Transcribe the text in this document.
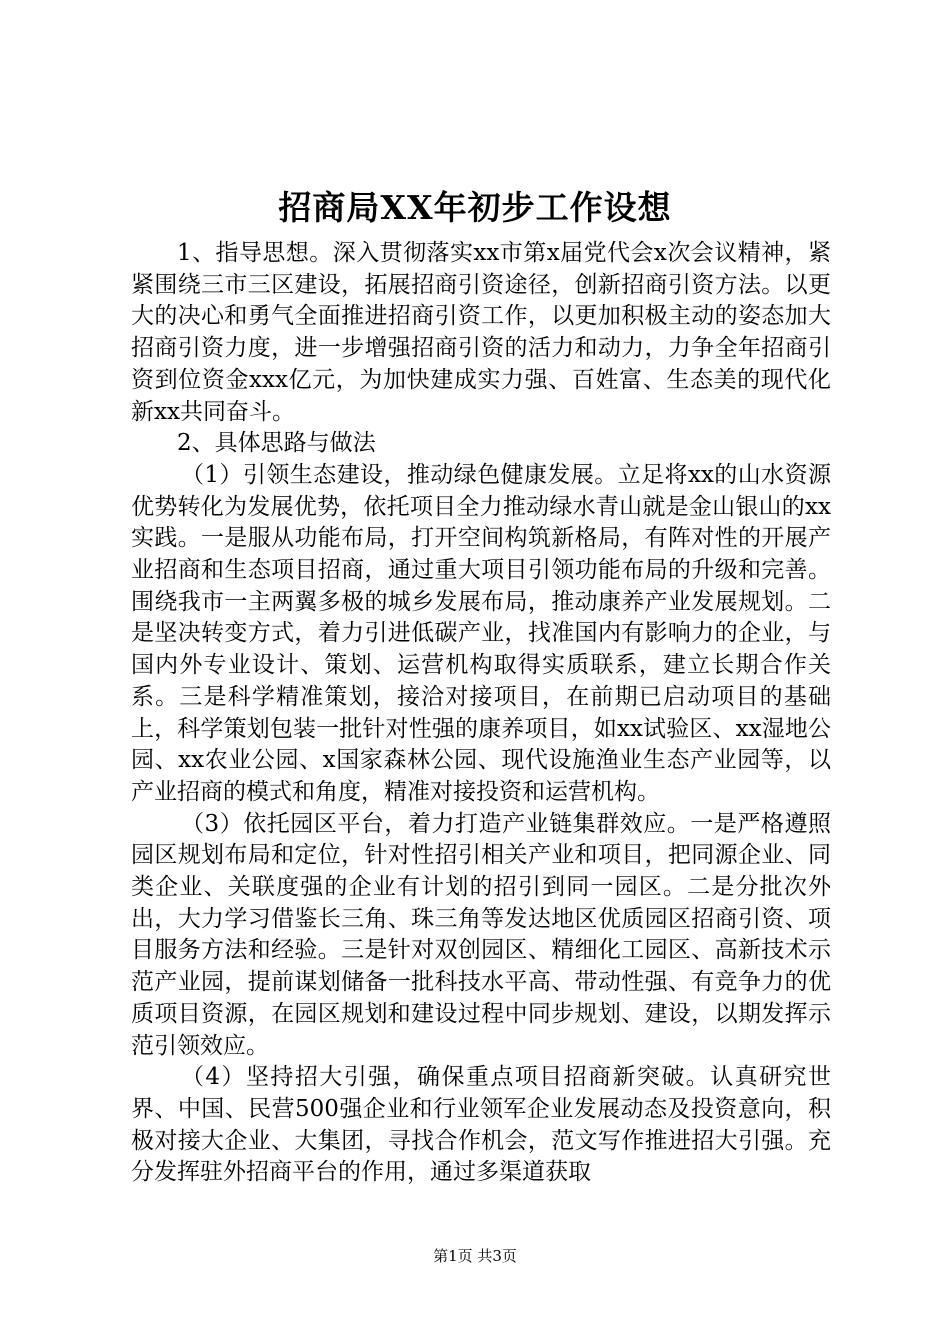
招商局XX年初步工作设想

1、指导思想。深入贯彻落实xx市第x届党代会x次会议精神，紧紧围绕三市三区建设，拓展招商引资途径，创新招商引资方法。以更大的决心和勇气全面推进招商引资工作，以更加积极主动的姿态加大招商引资力度，进一步增强招商引资的活力和动力，力争全年招商引资到位资金xxx亿元，为加快建成实力强、百姓富、生态美的现代化新xx共同奋斗。

2、具体思路与做法

（1）引领生态建设，推动绿色健康发展。立足将xx的山水资源优势转化为发展优势，依托项目全力推动绿水青山就是金山银山的xx实践。一是服从功能布局，打开空间构筑新格局，有阵对性的开展产业招商和生态项目招商，通过重大项目引领功能布局的升级和完善。围绕我市一主两翼多极的城乡发展布局，推动康养产业发展规划。二是坚决转变方式，着力引进低碳产业，找准国内有影响力的企业，与国内外专业设计、策划、运营机构取得实质联系，建立长期合作关系。三是科学精准策划，接洽对接项目，在前期已启动项目的基础上，科学策划包装一批针对性强的康养项目，如xx试验区、xx湿地公园、xx农业公园、x国家森林公园、现代设施渔业生态产业园等，以产业招商的模式和角度，精准对接投资和运营机构。

（3）依托园区平台，着力打造产业链集群效应。一是严格遵照园区规划布局和定位，针对性招引相关产业和项目，把同源企业、同类企业、关联度强的企业有计划的招引到同一园区。二是分批次外出，大力学习借鉴长三角、珠三角等发达地区优质园区招商引资、项目服务方法和经验。三是针对双创园区、精细化工园区、高新技术示范产业园，提前谋划储备一批科技水平高、带动性强、有竞争力的优质项目资源，在园区规划和建设过程中同步规划、建设，以期发挥示范引领效应。

（4）坚持招大引强，确保重点项目招商新突破。认真研究世界、中国、民营500强企业和行业领军企业发展动态及投资意向，积极对接大企业、大集团，寻找合作机会，范文写作推进招大引强。充分发挥驻外招商平台的作用，通过多渠道获取

第1页 共3页
